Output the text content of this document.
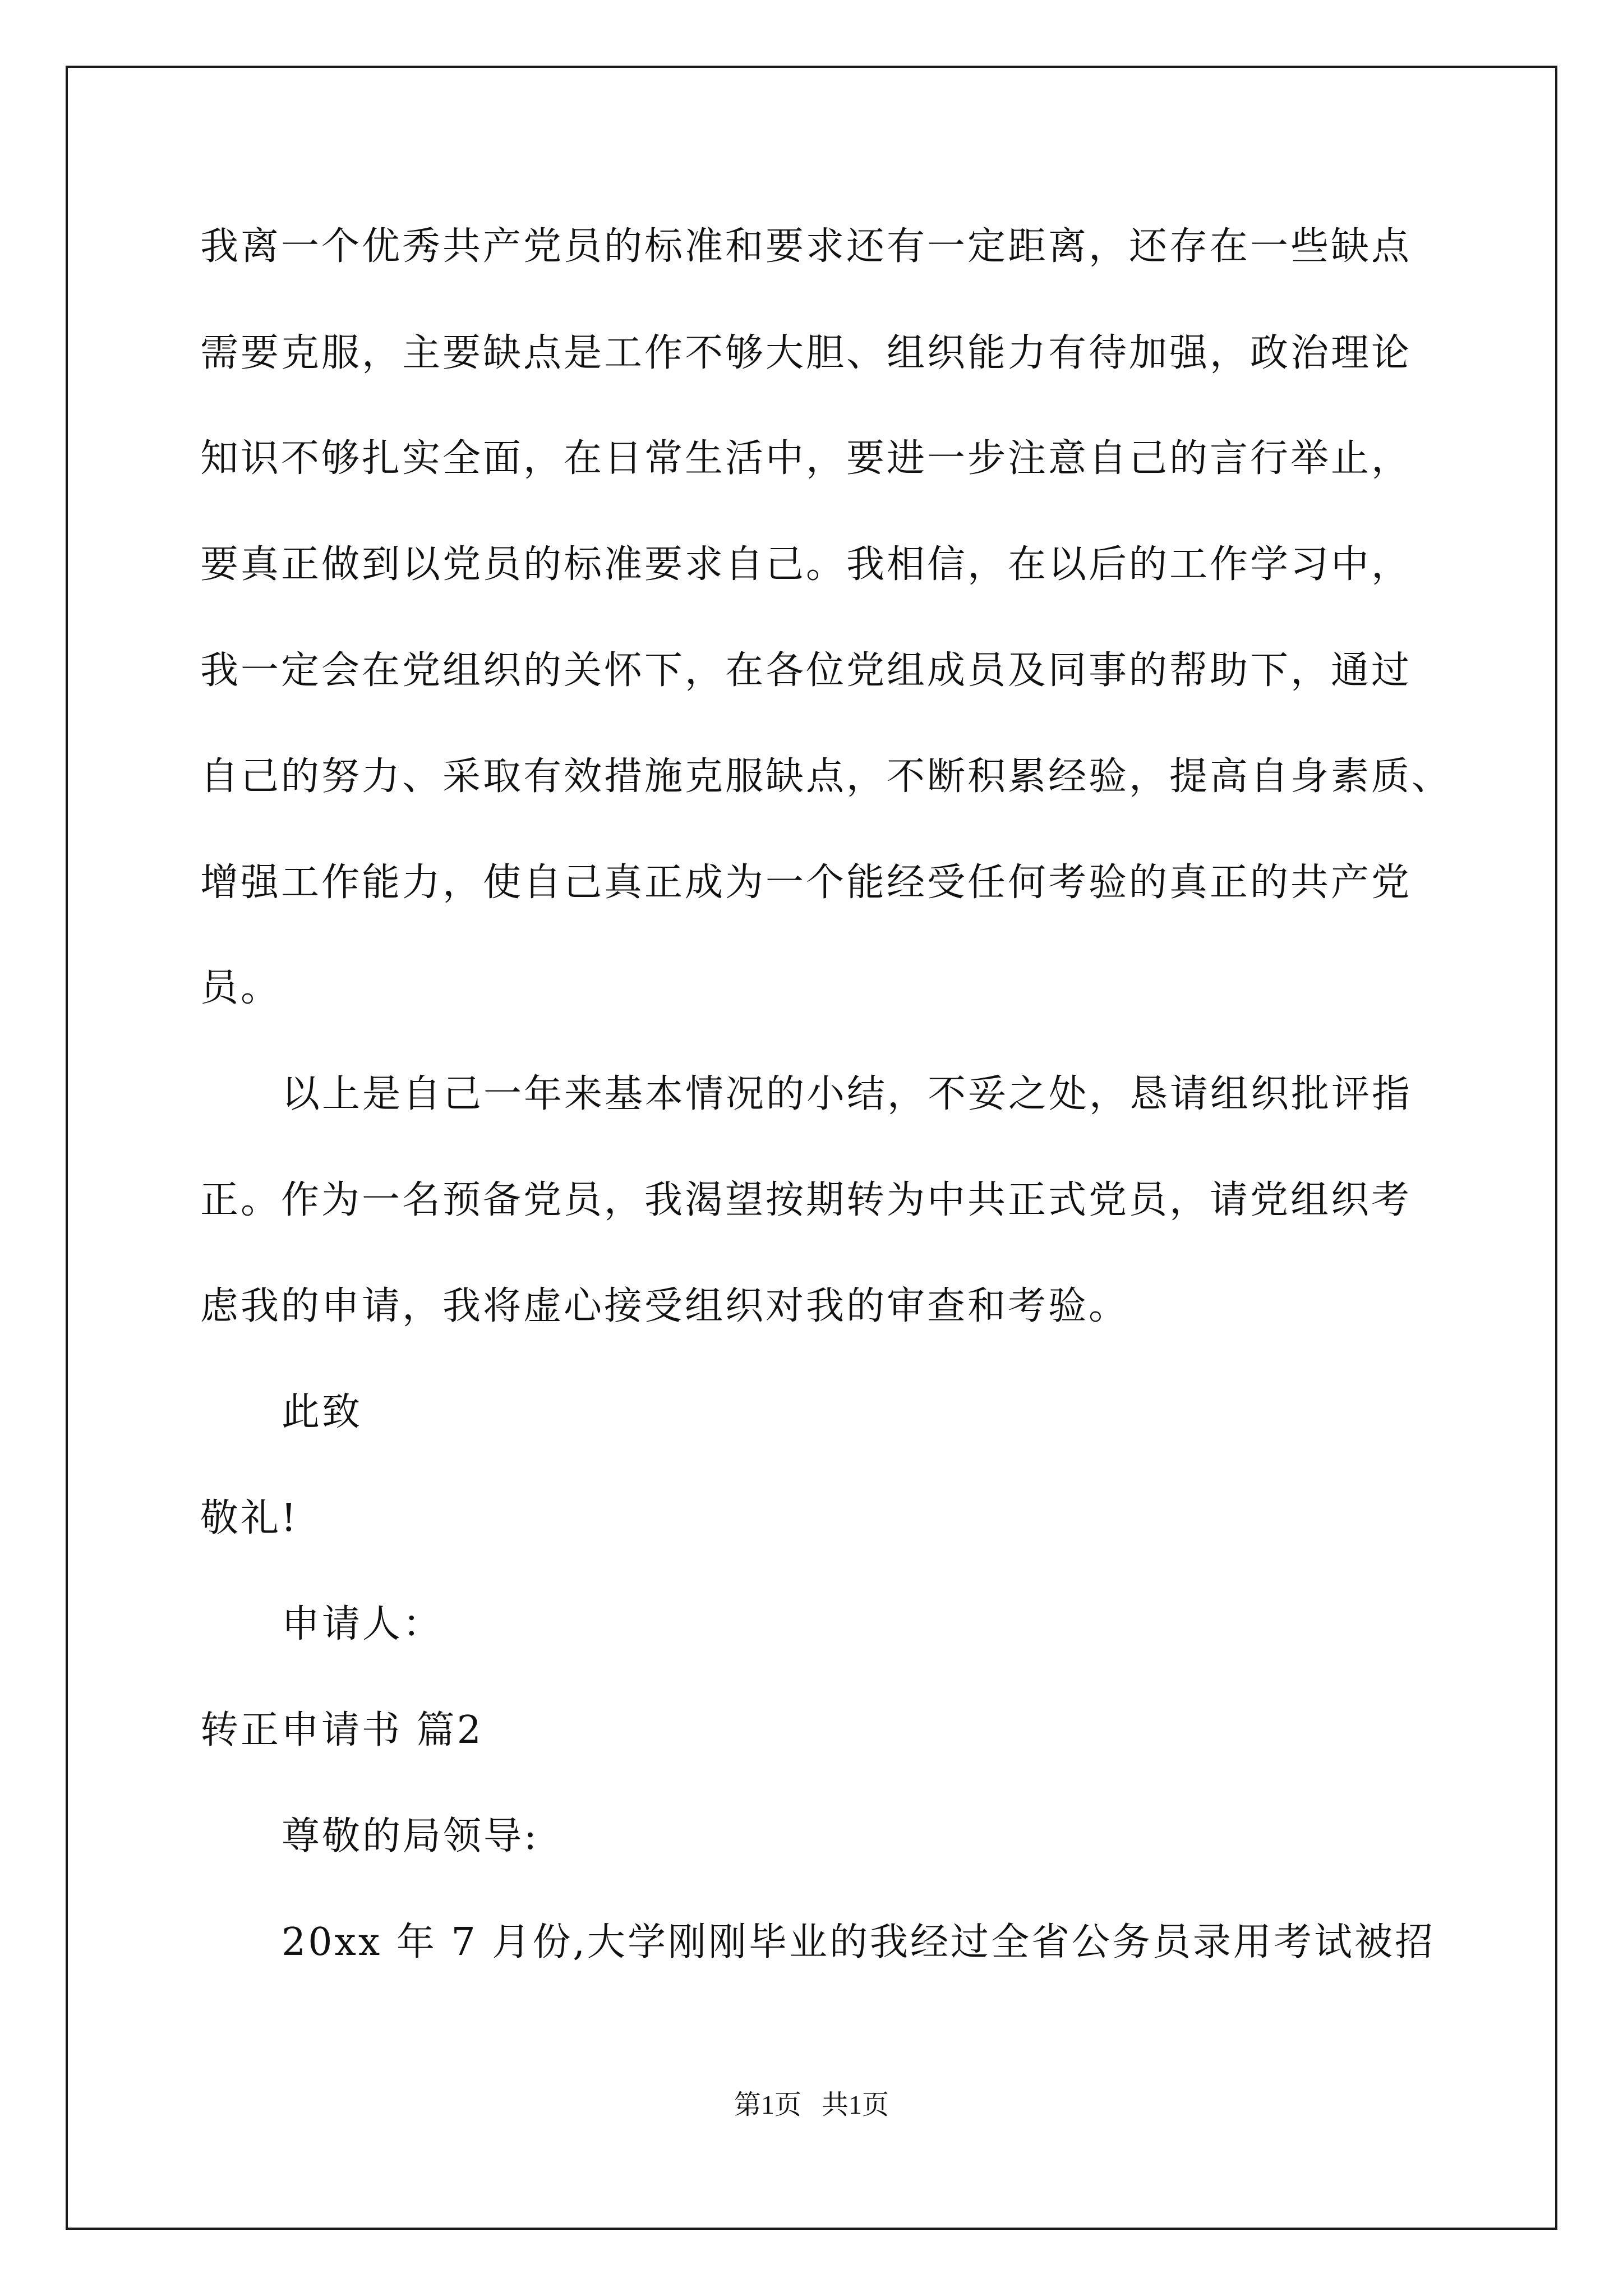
我离一个优秀共产党员的标准和要求还有一定距离，还存在一些缺点
需要克服，主要缺点是工作不够大胆、组织能力有待加强，政治理论
知识不够扎实全面，在日常生活中，要进一步注意自己的言行举止，
要真正做到以党员的标准要求自己。我相信，在以后的工作学习中，
我一定会在党组织的关怀下，在各位党组成员及同事的帮助下，通过
自己的努力、采取有效措施克服缺点，不断积累经验，提高自身素质、
增强工作能力，使自己真正成为一个能经受任何考验的真正的共产党
员。
以上是自己一年来基本情况的小结，不妥之处，恳请组织批评指
正。作为一名预备党员，我渴望按期转为中共正式党员，请党组织考
虑我的申请，我将虚心接受组织对我的审查和考验。
此致
敬礼!
申请人：
转正申请书 篇2
尊敬的局领导:
20xx 年 7 月份,大学刚刚毕业的我经过全省公务员录用考试被招
第1页   共1页
